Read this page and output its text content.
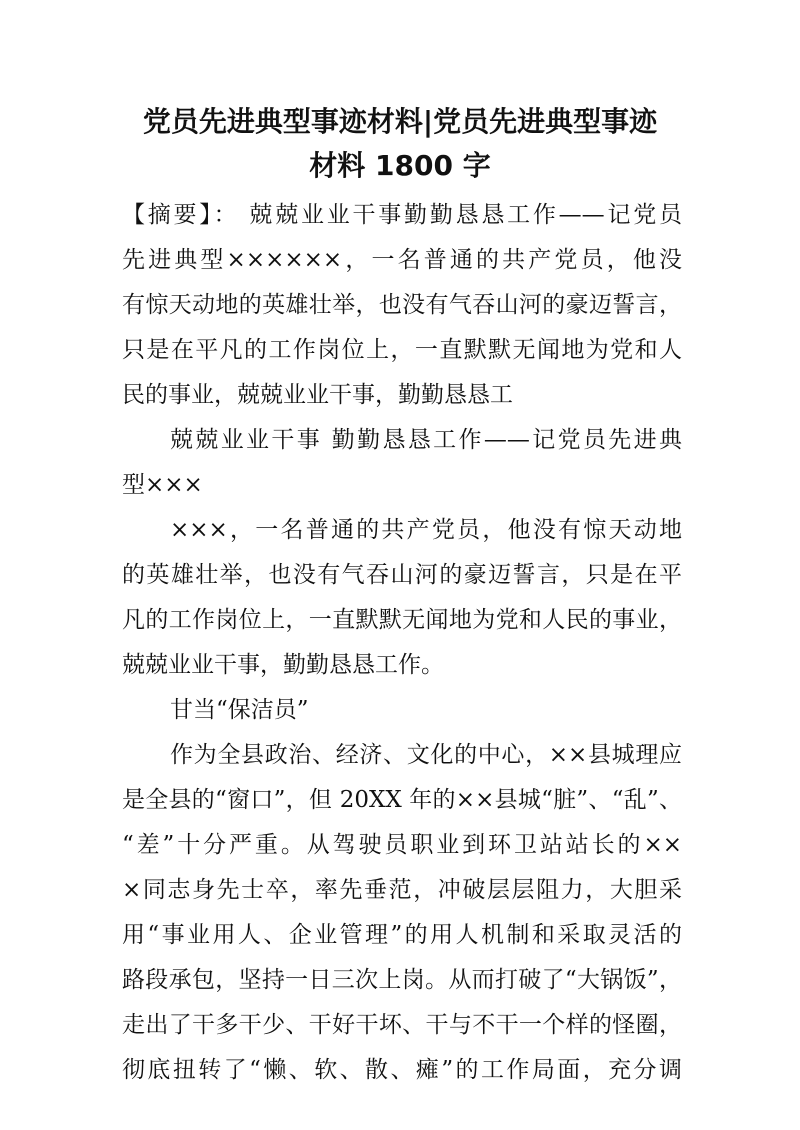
党员先进典型事迹材料|党员先进典型事迹
材料 1800 字

【摘要】： 兢兢业业干事勤勤恳恳工作——记党员

先进典型××××××，一名普通的共产党员，他没

有惊天动地的英雄壮举，也没有气吞山河的豪迈誓言，

只是在平凡的工作岗位上，一直默默无闻地为党和人

民的事业，兢兢业业干事，勤勤恳恳工

兢兢业业干事 勤勤恳恳工作——记党员先进典

型×××

×××，一名普通的共产党员，他没有惊天动地

的英雄壮举，也没有气吞山河的豪迈誓言，只是在平

凡的工作岗位上，一直默默无闻地为党和人民的事业，

兢兢业业干事，勤勤恳恳工作。

甘当“保洁员”

作为全县政治、经济、文化的中心，××县城理应

是全县的“窗口”，但 20XX 年的××县城“脏”、“乱”、

“差”十分严重。从驾驶员职业到环卫站站长的××

×同志身先士卒，率先垂范，冲破层层阻力，大胆采

用“事业用人、企业管理”的用人机制和采取灵活的

路段承包，坚持一日三次上岗。从而打破了“大锅饭”，

走出了干多干少、干好干坏、干与不干一个样的怪圈，

彻底扭转了“懒、软、散、瘫”的工作局面，充分调
